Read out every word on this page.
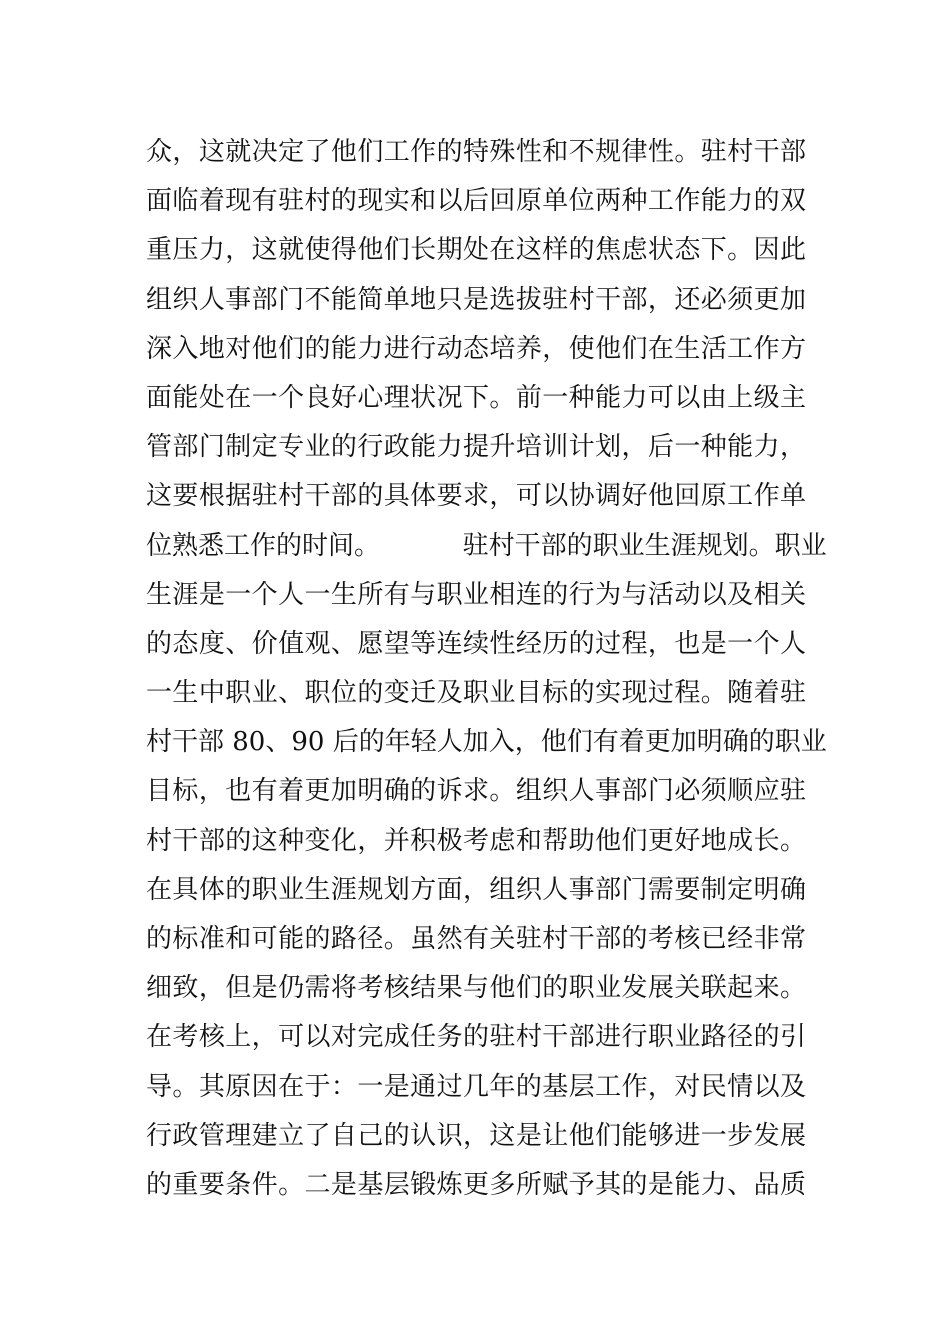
众，这就决定了他们工作的特殊性和不规律性。驻村干部
面临着现有驻村的现实和以后回原单位两种工作能力的双
重压力，这就使得他们长期处在这样的焦虑状态下。因此
组织人事部门不能简单地只是选拔驻村干部，还必须更加
深入地对他们的能力进行动态培养，使他们在生活工作方
面能处在一个良好心理状况下。前一种能力可以由上级主
管部门制定专业的行政能力提升培训计划，后一种能力，
这要根据驻村干部的具体要求，可以协调好他回原工作单
位熟悉工作的时间。          驻村干部的职业生涯规划。职业
生涯是一个人一生所有与职业相连的行为与活动以及相关
的态度、价值观、愿望等连续性经历的过程，也是一个人
一生中职业、职位的变迁及职业目标的实现过程。随着驻
村干部 80、90 后的年轻人加入，他们有着更加明确的职业
目标，也有着更加明确的诉求。组织人事部门必须顺应驻
村干部的这种变化，并积极考虑和帮助他们更好地成长。
在具体的职业生涯规划方面，组织人事部门需要制定明确
的标准和可能的路径。虽然有关驻村干部的考核已经非常
细致，但是仍需将考核结果与他们的职业发展关联起来。
在考核上，可以对完成任务的驻村干部进行职业路径的引
导。其原因在于：一是通过几年的基层工作，对民情以及
行政管理建立了自己的认识，这是让他们能够进一步发展
的重要条件。二是基层锻炼更多所赋予其的是能力、品质
